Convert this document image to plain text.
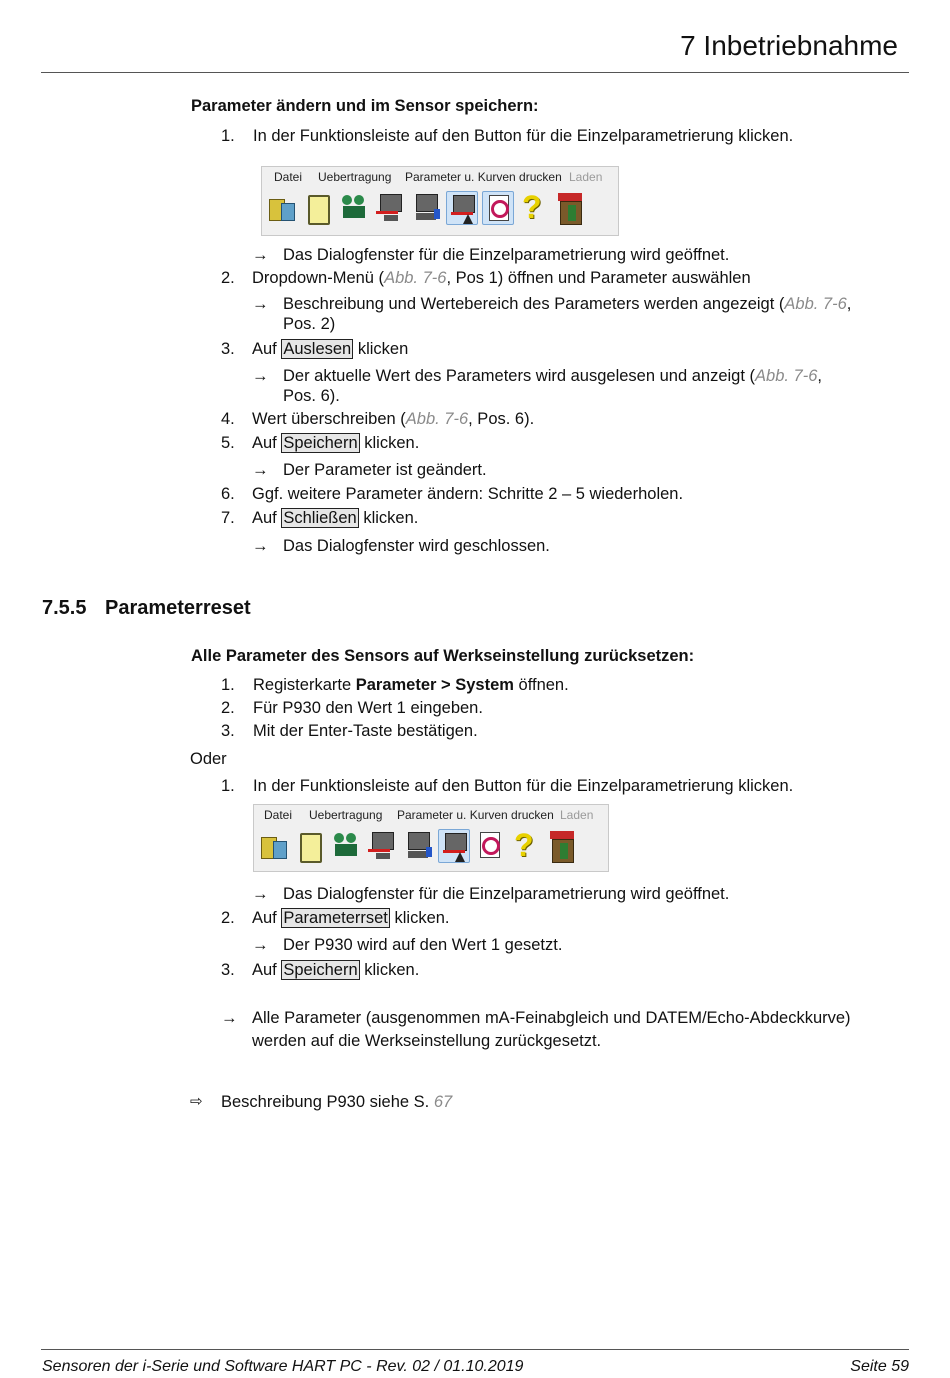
7 Inbetriebnahme
Parameter ändern und im Sensor speichern:
1.	In der Funktionsleiste auf den Button für die Einzelparametrierung klicken.
Datei Uebertragung Parameter u. Kurven drucken Laden
?
→ Das Dialogfenster für die Einzelparametrierung wird geöffnet.
2.	Dropdown-Menü (Abb. 7-6, Pos 1) öffnen und Parameter auswählen
→ Beschreibung und Wertebereich des Parameters werden angezeigt (Abb. 7-6,
Pos. 2)
3.	Auf Auslesen klicken
→ Der aktuelle Wert des Parameters wird ausgelesen und anzeigt (Abb. 7-6,
Pos. 6).
4.	Wert überschreiben (Abb. 7-6, Pos. 6).
5.	Auf Speichern klicken.
→ Der Parameter ist geändert.
6.	Ggf. weitere Parameter ändern: Schritte 2 – 5 wiederholen.
7.	Auf Schließen klicken.
→ Das Dialogfenster wird geschlossen.
7.5.5 Parameterreset
Alle Parameter des Sensors auf Werkseinstellung zurücksetzen:
1.	Registerkarte Parameter > System öffnen.
2.	Für P930 den Wert 1 eingeben.
3.	Mit der Enter-Taste bestätigen.
Oder
1.	In der Funktionsleiste auf den Button für die Einzelparametrierung klicken.
Datei Uebertragung Parameter u. Kurven drucken Laden
?
→ Das Dialogfenster für die Einzelparametrierung wird geöffnet.
2.	Auf Parameterrset klicken.
→ Der P930 wird auf den Wert 1 gesetzt.
3.	Auf Speichern klicken.
→ Alle Parameter (ausgenommen mA-Feinabgleich und DATEM/Echo-Abdeckkurve)
werden auf die Werkseinstellung zurückgesetzt.
⇨ Beschreibung P930 siehe S. 67
Sensoren der i-Serie und Software HART PC - Rev. 02 / 01.10.2019	Seite 59
